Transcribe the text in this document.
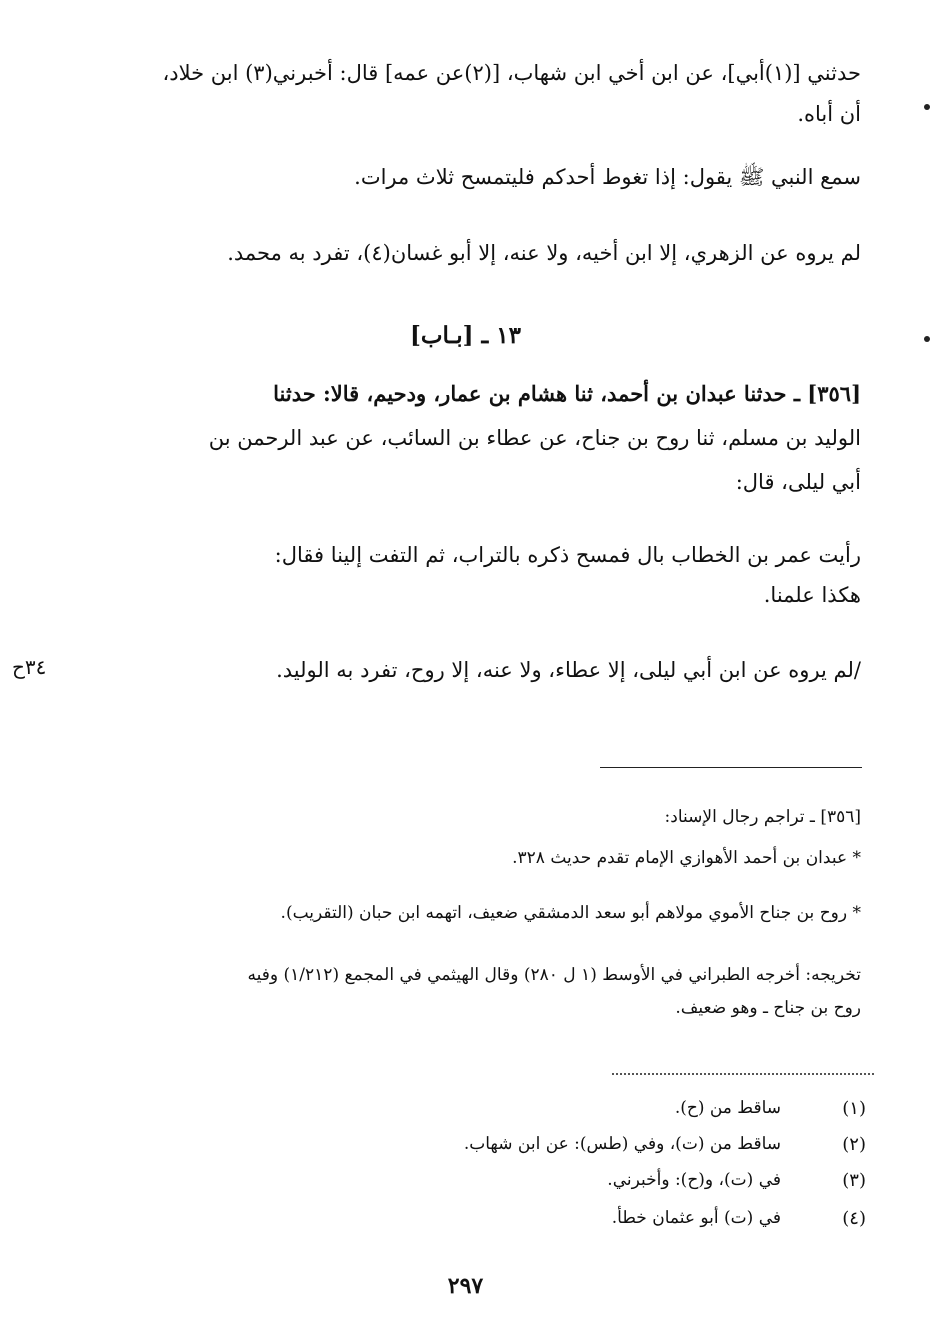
حدثني [(١)أبي]، عن ابن أخي ابن شهاب، [(٢)عن عمه] قال: أخبرني(٣) ابن خلاد،
أن أباه.
سمع النبي ﷺ يقول: إذا تغوط أحدكم فليتمسح ثلاث مرات.
لم يروه عن الزهري، إلا ابن أخيه، ولا عنه، إلا أبو غسان(٤)، تفرد به محمد.
١٣ ـ [بـاب]
[٣٥٦] ـ حدثنا عبدان بن أحمد، ثنا هشام بن عمار، ودحيم، قالا: حدثنا
الوليد بن مسلم، ثنا روح بن جناح، عن عطاء بن السائب، عن عبد الرحمن بن
أبي ليلى، قال:
رأيت عمر بن الخطاب بال فمسح ذكره بالتراب، ثم التفت إلينا فقال:
هكذا علمنا.
/لم يروه عن ابن أبي ليلى، إلا عطاء، ولا عنه، إلا روح، تفرد به الوليد.
٣٤ح
[٣٥٦] ـ تراجم رجال الإسناد:
* عبدان بن أحمد الأهوازي الإمام تقدم حديث ٣٢٨.
* روح بن جناح الأموي مولاهم أبو سعد الدمشقي ضعيف، اتهمه ابن حبان (التقريب).
تخريجه: أخرجه الطبراني في الأوسط (١ ل ٢٨٠) وقال الهيثمي في المجمع (١/٢١٢) وفيه
روح بن جناح ـ وهو ضعيف.
(١)
ساقط من (ح).
(٢)
ساقط من (ت)، وفي (طس): عن ابن شهاب.
(٣)
في (ت)، و(ح): وأخبرني.
(٤)
في (ت) أبو عثمان خطأ.
٢٩٧
